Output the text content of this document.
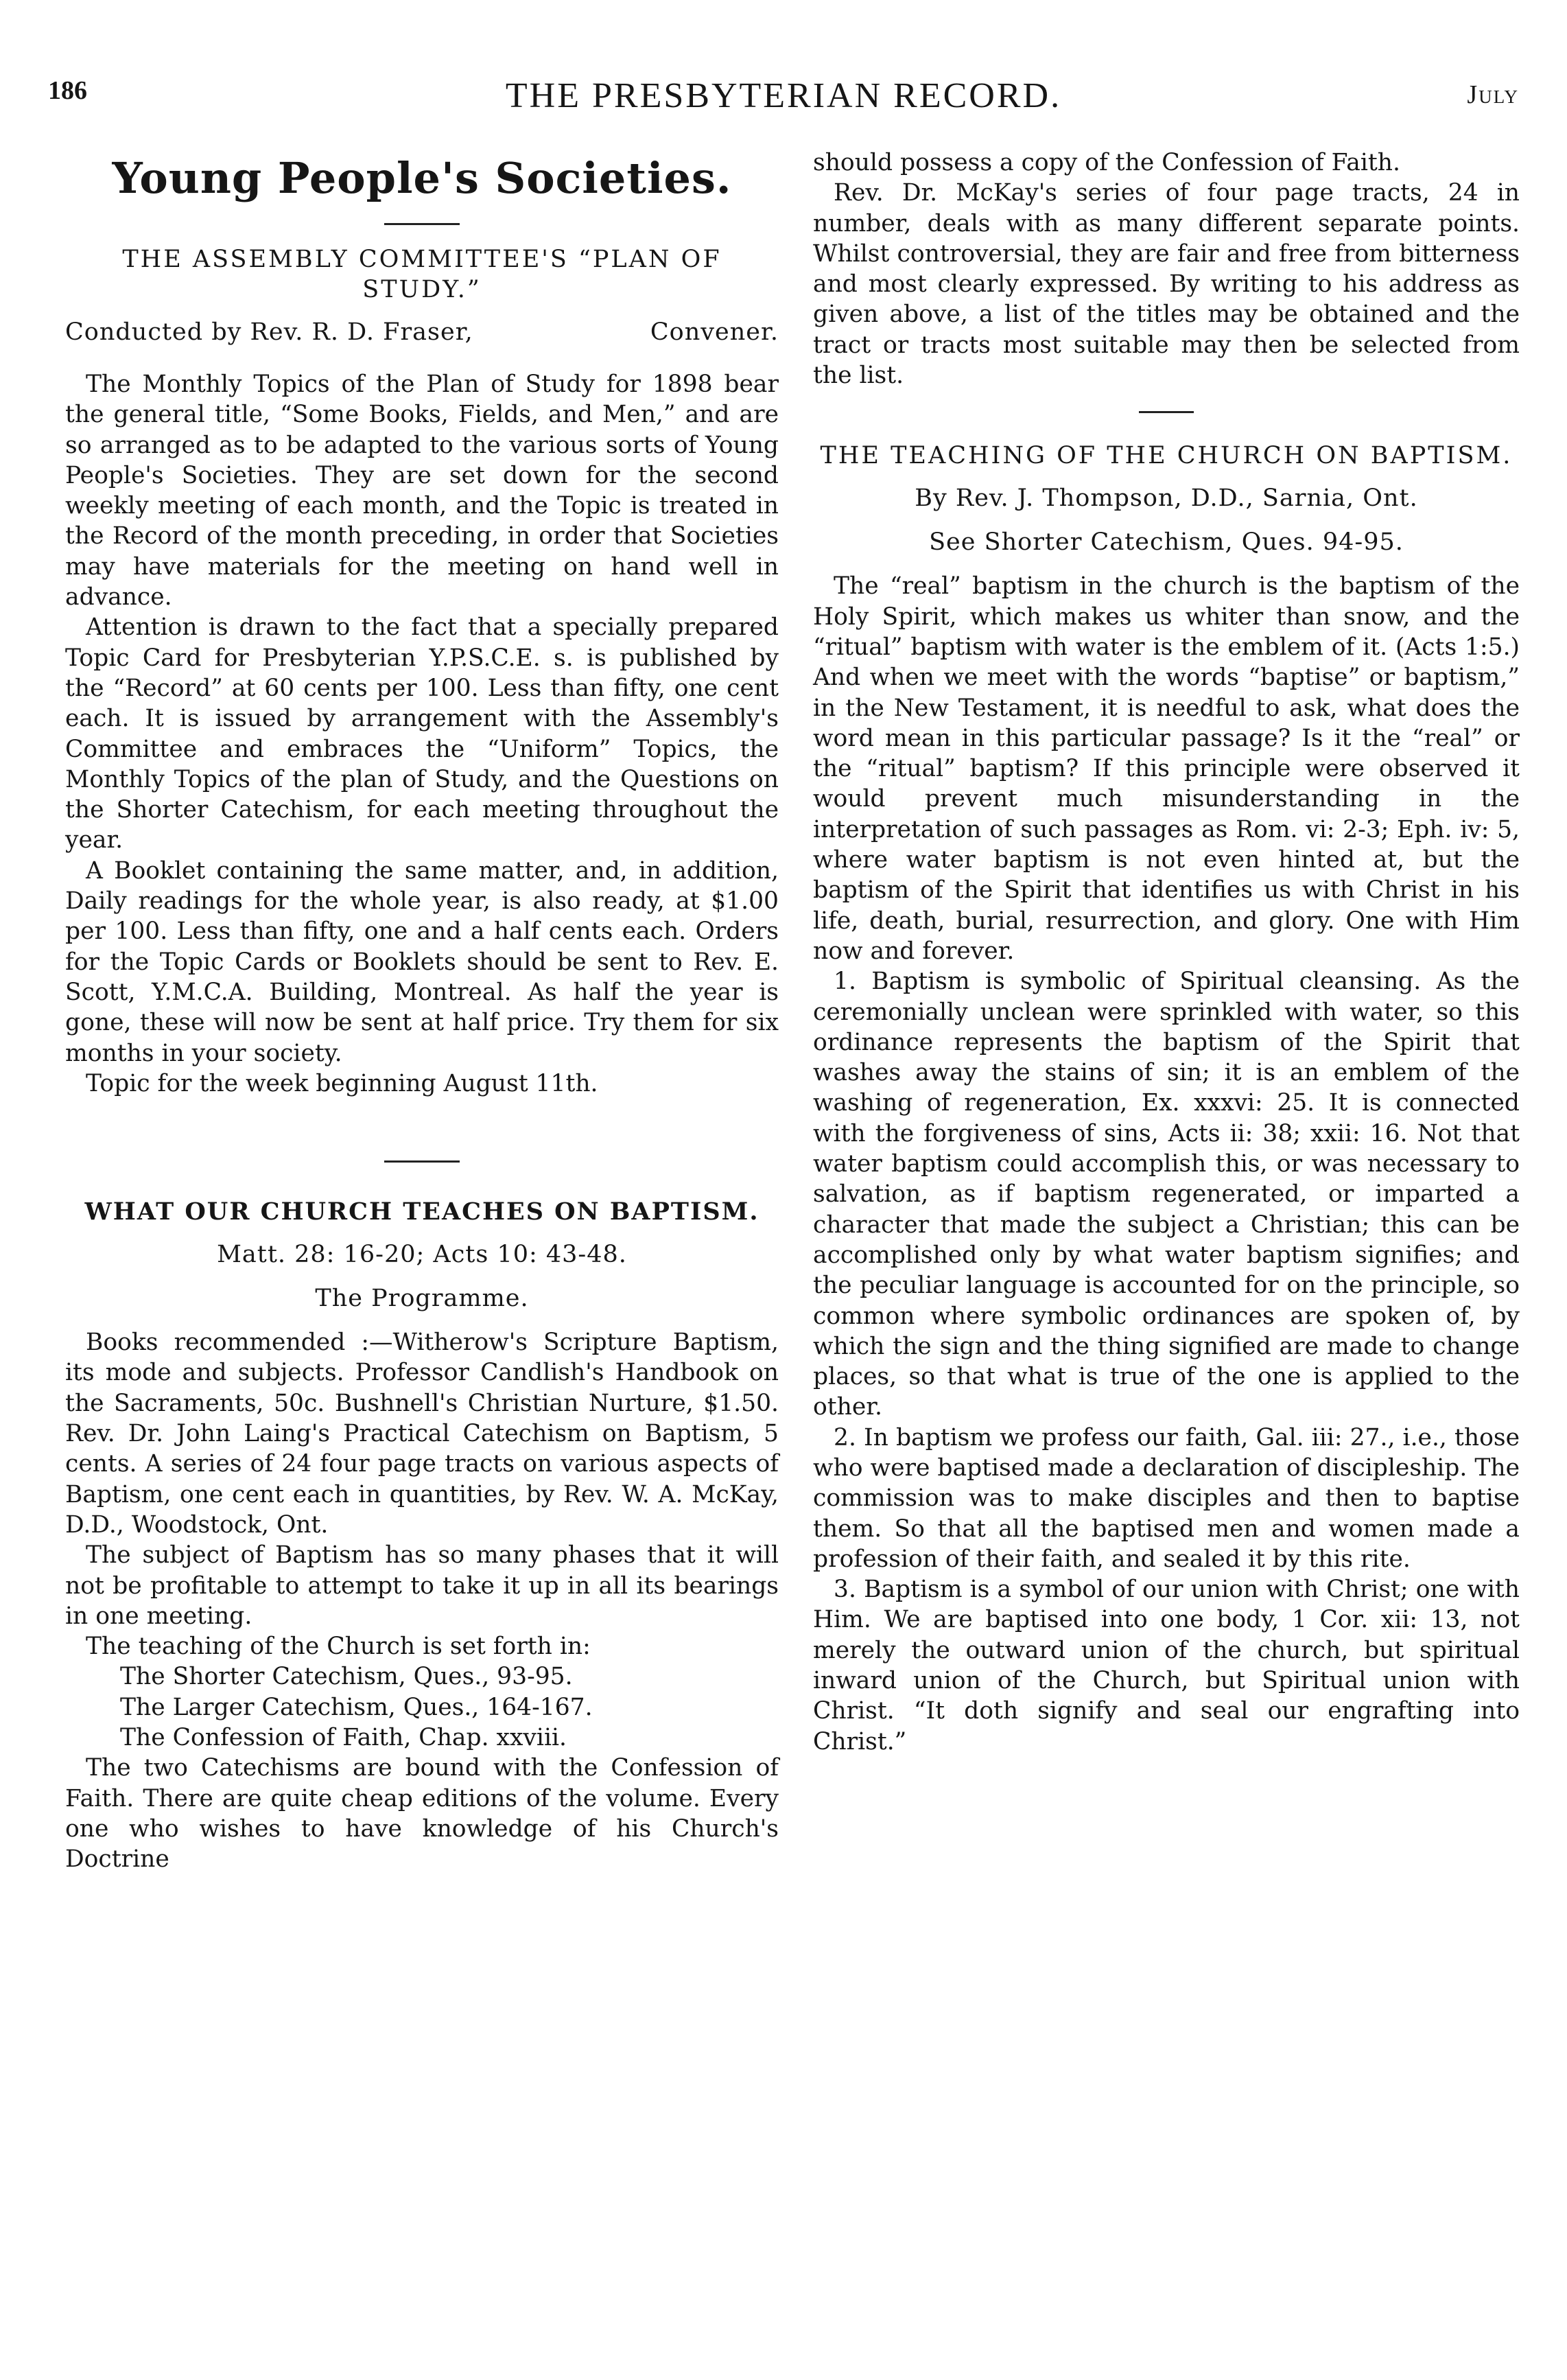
186	THE PRESBYTERIAN RECORD.	July
Young People's Societies.
THE ASSEMBLY COMMITTEE'S “PLAN OF STUDY.”
Conducted by Rev. R. D. Fraser,	Convener.

The Monthly Topics of the Plan of Study for 1898 bear the general title, “Some Books, Fields, and Men,” and are so arranged as to be adapted to the various sorts of Young People's Societies. They are set down for the second weekly meeting of each month, and the Topic is treated in the Record of the month preceding, in order that Societies may have materials for the meeting on hand well in advance.

Attention is drawn to the fact that a specially prepared Topic Card for Presbyterian Y.P.S.C.E. s. is published by the “Record” at 60 cents per 100. Less than fifty, one cent each. It is issued by arrangement with the Assembly's Committee and embraces the “Uniform” Topics, the Monthly Topics of the plan of Study, and the Questions on the Shorter Catechism, for each meeting throughout the year.

A Booklet containing the same matter, and, in addition, Daily readings for the whole year, is also ready, at $1.00 per 100. Less than fifty, one and a half cents each. Orders for the Topic Cards or Booklets should be sent to Rev. E. Scott, Y.M.C.A. Building, Montreal. As half the year is gone, these will now be sent at half price. Try them for six months in your society.

Topic for the week beginning August 11th.

WHAT OUR CHURCH TEACHES ON BAPTISM.
Matt. 28: 16-20; Acts 10: 43-48.
The Programme.

Books recommended :—Witherow's Scripture Baptism, its mode and subjects. Professor Candlish's Handbook on the Sacraments, 50c. Bushnell's Christian Nurture, $1.50. Rev. Dr. John Laing's Practical Catechism on Baptism, 5 cents. A series of 24 four page tracts on various aspects of Baptism, one cent each in quantities, by Rev. W. A. McKay, D.D., Woodstock, Ont.

The subject of Baptism has so many phases that it will not be profitable to attempt to take it up in all its bearings in one meeting.

The teaching of the Church is set forth in:

The Shorter Catechism, Ques., 93-95.
The Larger Catechism, Ques., 164-167.
The Confession of Faith, Chap. xxviii.

The two Catechisms are bound with the Confession of Faith. There are quite cheap editions of the volume. Every one who wishes to have knowledge of his Church's Doctrine

should possess a copy of the Confession of Faith.

Rev. Dr. McKay's series of four page tracts, 24 in number, deals with as many different separate points. Whilst controversial, they are fair and free from bitterness and most clearly expressed. By writing to his address as given above, a list of the titles may be obtained and the tract or tracts most suitable may then be selected from the list.

THE TEACHING OF THE CHURCH ON BAPTISM.
By Rev. J. Thompson, D.D., Sarnia, Ont.
See Shorter Catechism, Ques. 94-95.

The “real” baptism in the church is the baptism of the Holy Spirit, which makes us whiter than snow, and the “ritual” baptism with water is the emblem of it. (Acts 1:5.) And when we meet with the words “baptise” or baptism,” in the New Testament, it is needful to ask, what does the word mean in this particular passage? Is it the “real” or the “ritual” baptism? If this principle were observed it would prevent much misunderstanding in the interpretation of such passages as Rom. vi: 2-3; Eph. iv: 5, where water baptism is not even hinted at, but the baptism of the Spirit that identifies us with Christ in his life, death, burial, resurrection, and glory. One with Him now and forever.

1. Baptism is symbolic of Spiritual cleansing. As the ceremonially unclean were sprinkled with water, so this ordinance represents the baptism of the Spirit that washes away the stains of sin; it is an emblem of the washing of regeneration, Ex. xxxvi: 25. It is connected with the forgiveness of sins, Acts ii: 38; xxii: 16. Not that water baptism could accomplish this, or was necessary to salvation, as if baptism regenerated, or imparted a character that made the subject a Christian; this can be accomplished only by what water baptism signifies; and the peculiar language is accounted for on the principle, so common where symbolic ordinances are spoken of, by which the sign and the thing signified are made to change places, so that what is true of the one is applied to the other.

2. In baptism we profess our faith, Gal. iii: 27., i.e., those who were baptised made a declaration of discipleship. The commission was to make disciples and then to baptise them. So that all the baptised men and women made a profession of their faith, and sealed it by this rite.

3. Baptism is a symbol of our union with Christ; one with Him. We are baptised into one body, 1 Cor. xii: 13, not merely the outward union of the church, but spiritual inward union of the Church, but Spiritual union with Christ. “It doth signify and seal our engrafting into Christ.”
